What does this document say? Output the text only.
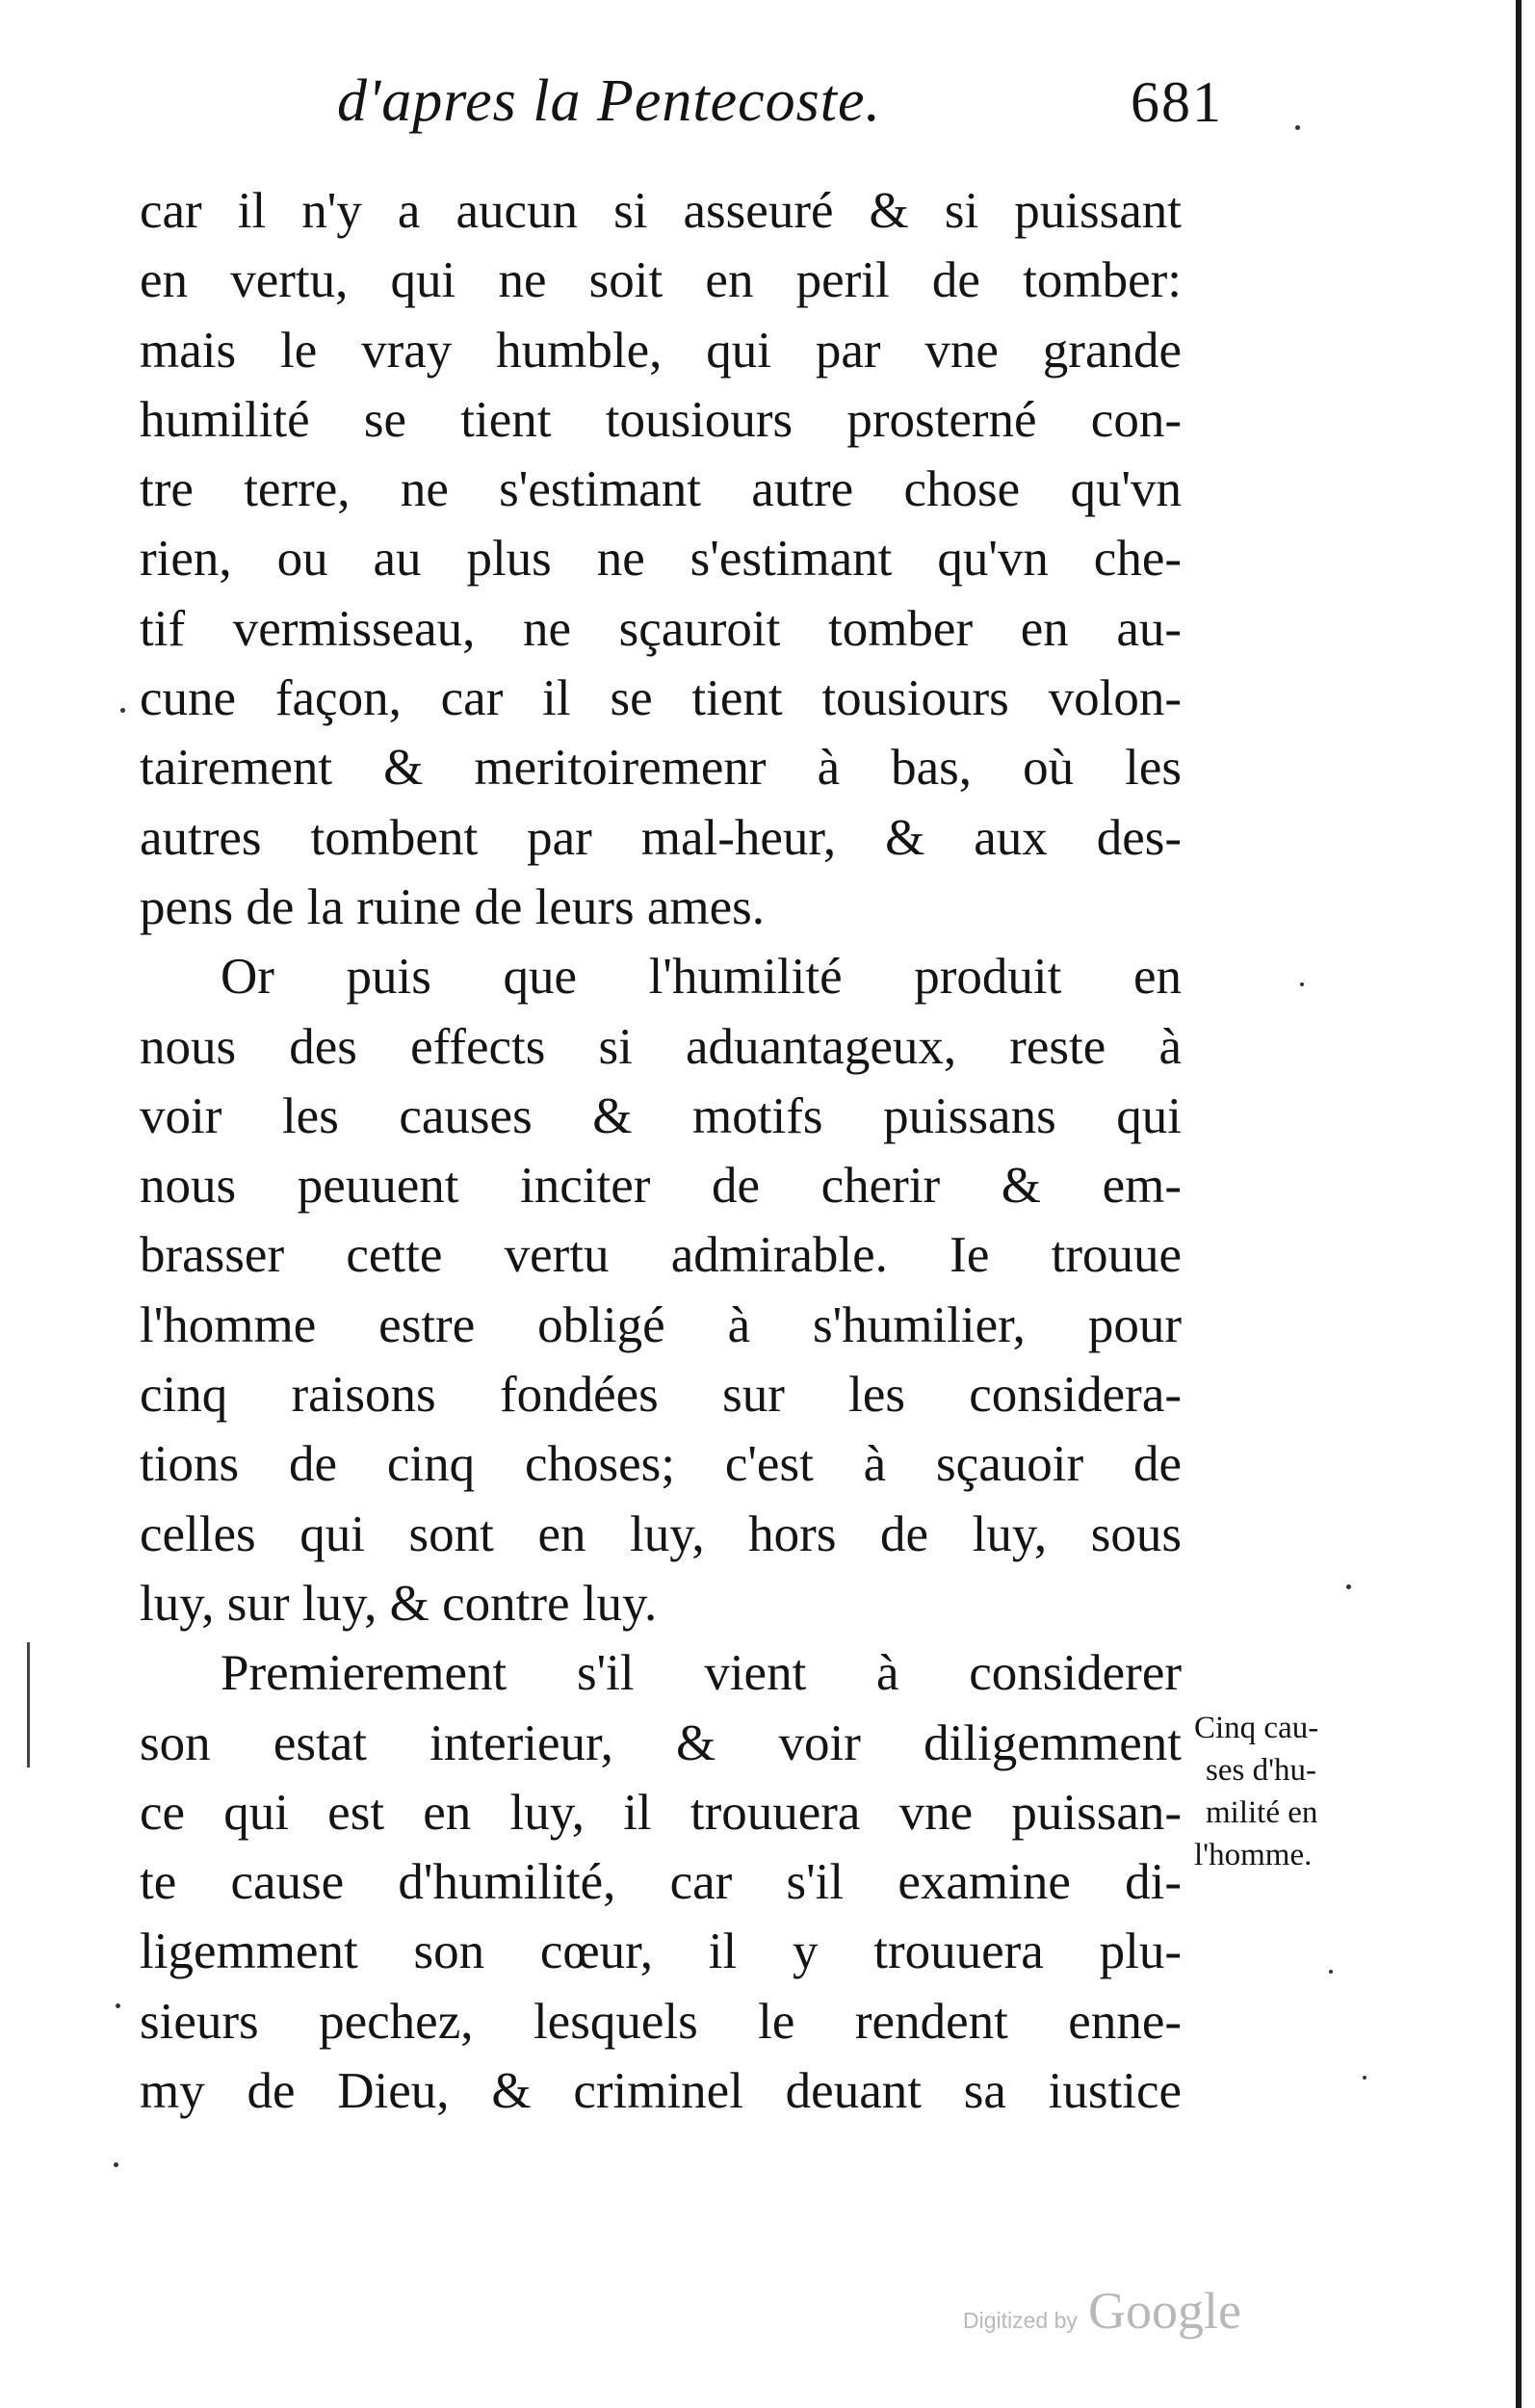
d'apres la Pentecoste.	681
car il n'y a aucun si asseuré & si puissant
en vertu, qui ne soit en peril de tomber:
mais le vray humble, qui par vne grande
humilité se tient tousiours prosterné con-
tre terre, ne s'estimant autre chose qu'vn
rien, ou au plus ne s'estimant qu'vn che-
tif vermisseau, ne sçauroit tomber en au-
cune façon, car il se tient tousiours volon-
tairement & meritoiremenr à bas, où les
autres tombent par mal-heur, & aux des-
pens de la ruine de leurs ames.
Or puis que l'humilité produit en
nous des effects si aduantageux, reste à
voir les causes & motifs puissans qui
nous peuuent inciter de cherir & em-
brasser cette vertu admirable. Ie trouue
l'homme estre obligé à s'humilier, pour
cinq raisons fondées sur les considera-
tions de cinq choses; c'est à sçauoir de
celles qui sont en luy, hors de luy, sous
luy, sur luy, & contre luy.
Premierement s'il vient à considerer
son estat interieur, & voir diligemment
ce qui est en luy, il trouuera vne puissan-
te cause d'humilité, car s'il examine di-
ligemment son cœur, il y trouuera plu-
sieurs pechez, lesquels le rendent enne-
my de Dieu, & criminel deuant sa iustice
Cinq cau-
ses d'hu-
milité en
l'homme.
Digitized by Google
